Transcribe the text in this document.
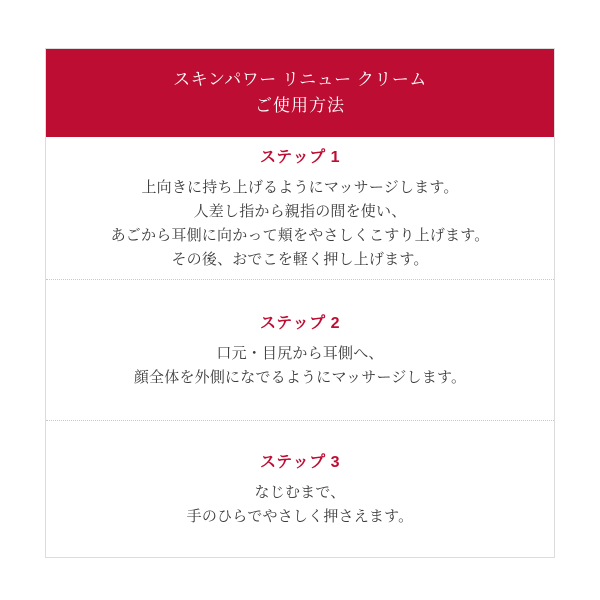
スキンパワー リニュー クリーム
ご使用方法
ステップ 1
上向きに持ち上げるようにマッサージします。
人差し指から親指の間を使い、
あごから耳側に向かって頬をやさしくこすり上げます。
その後、おでこを軽く押し上げます。
ステップ 2
口元・目尻から耳側へ、
顔全体を外側になでるようにマッサージします。
ステップ 3
なじむまで、
手のひらでやさしく押さえます。
